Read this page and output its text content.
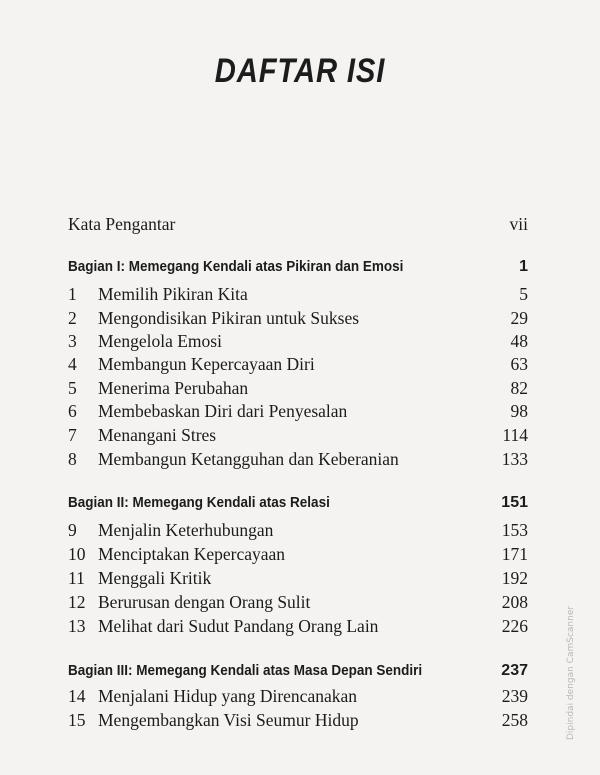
DAFTAR ISI
Kata Pengantar	vii
Bagian I: Memegang Kendali atas Pikiran dan Emosi	1
1	Memilih Pikiran Kita	5
2	Mengondisikan Pikiran untuk Sukses	29
3	Mengelola Emosi	48
4	Membangun Kepercayaan Diri	63
5	Menerima Perubahan	82
6	Membebaskan Diri dari Penyesalan	98
7	Menangani Stres	114
8	Membangun Ketangguhan dan Keberanian	133
Bagian II: Memegang Kendali atas Relasi	151
9	Menjalin Keterhubungan	153
10 Menciptakan Kepercayaan	171
11 Menggali Kritik	192
12 Berurusan dengan Orang Sulit	208
13 Melihat dari Sudut Pandang Orang Lain	226
Bagian III: Memegang Kendali atas Masa Depan Sendiri	237
14 Menjalani Hidup yang Direncanakan	239
15 Mengembangkan Visi Seumur Hidup	258	Dipindai dengan CamScanner
